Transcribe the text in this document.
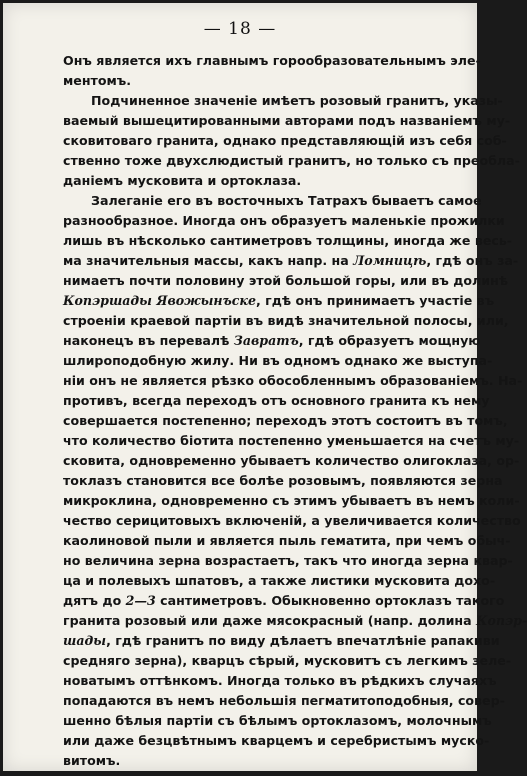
— 18 —
Онъ является ихъ главнымъ горообразовательнымъ эле-
ментомъ.
Подчиненное значеніе имѣетъ розовый гранитъ, указы-
ваемый вышецитированными авторами подъ названіемъ му-
сковитоваго гранита, однако представляющій изъ себя соб-
ственно тоже двухслюдистый гранитъ, но только съ преобла-
даніемъ мусковита и ортоклаза.
Залеганіе его въ восточныхъ Татрахъ бываетъ самое
разнообразное. Иногда онъ образуетъ маленькіе прожилки
лишь въ нѣсколько сантиметровъ толщины, иногда же весь-
ма значительныя массы, какъ напр. на Ломницѣ, гдѣ онъ за-
нимаетъ почти половину этой большой горы, или въ долинѣ
Копэршады Явожынъске, гдѣ онъ принимаетъ участіе въ
строеніи краевой партіи въ видѣ значительной полосы, или,
наконецъ въ перевалѣ Завратъ, гдѣ образуетъ мощную
шлироподобную жилу. Ни въ одномъ однако же выступа-
ніи онъ не является рѣзко обособленнымъ образованіемъ. На-
противъ, всегда переходъ отъ основного гранита къ нему
совершается постепенно; переходъ этотъ состоитъ въ томъ,
что количество біотита постепенно уменьшается на счетъ му-
сковита, одновременно убываетъ количество олигоклаза, ор-
токлазъ становится все болѣе розовымъ, появляются зерна
микроклина, одновременно съ этимъ убываетъ въ немъ коли-
чество серицитовыхъ включеній, а увеличивается количество
каолиновой пыли и является пыль гематита, при чемъ обыч-
но величина зерна возрастаетъ, такъ что иногда зерна квар-
ца и полевыхъ шпатовъ, а также листики мусковита дохо-
дятъ до 2—3 сантиметровъ. Обыкновенно ортоклазъ такого
гранита розовый или даже мясокрасный (напр. долина Копэр-
шады, гдѣ гранитъ по виду дѣлаетъ впечатлѣніе рапакиви
средняго зерна), кварцъ сѣрый, мусковитъ съ легкимъ зеле-
новатымъ оттѣнкомъ. Иногда только въ рѣдкихъ случаяхъ
попадаются въ немъ небольшія пегматитоподобныя, совер-
шенно бѣлыя партіи съ бѣлымъ ортоклазомъ, молочнымъ
или даже безцвѣтнымъ кварцемъ и серебристымъ муско-
витомъ.
